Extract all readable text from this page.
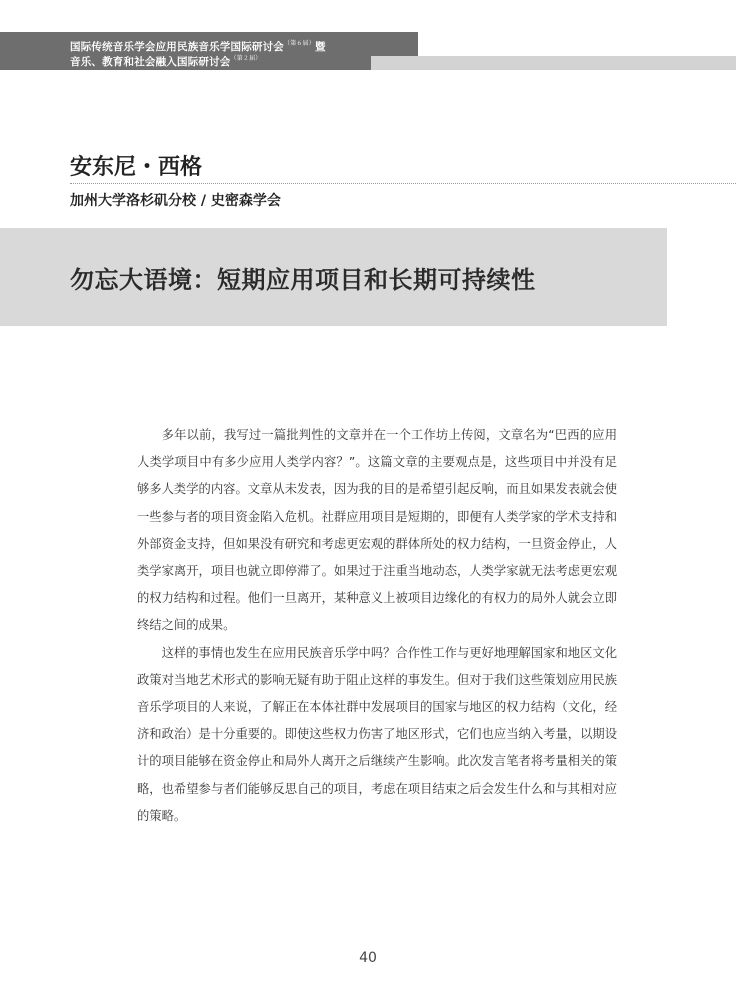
国际传统音乐学会应用民族音乐学国际研讨会$^{(第6届)}$暨
音乐、教育和社会融入国际研讨会$^{(第2届)}$
安东尼・西格
加州大学洛杉矶分校 / 史密森学会
勿忘大语境：短期应用项目和长期可持续性

多年以前，我写过一篇批判性的文章并在一个工作坊上传阅，文章名为“巴西的应用人类学项目中有多少应用人类学内容？”。这篇文章的主要观点是，这些项目中并没有足够多人类学的内容。文章从未发表，因为我的目的是希望引起反响，而且如果发表就会使一些参与者的项目资金陷入危机。社群应用项目是短期的，即便有人类学家的学术支持和外部资金支持，但如果没有研究和考虑更宏观的群体所处的权力结构，一旦资金停止，人类学家离开，项目也就立即停滞了。如果过于注重当地动态，人类学家就无法考虑更宏观的权力结构和过程。他们一旦离开，某种意义上被项目边缘化的有权力的局外人就会立即终结之间的成果。

这样的事情也发生在应用民族音乐学中吗？合作性工作与更好地理解国家和地区文化政策对当地艺术形式的影响无疑有助于阻止这样的事发生。但对于我们这些策划应用民族音乐学项目的人来说，了解正在本体社群中发展项目的国家与地区的权力结构（文化，经济和政治）是十分重要的。即使这些权力伤害了地区形式，它们也应当纳入考量，以期设计的项目能够在资金停止和局外人离开之后继续产生影响。此次发言笔者将考量相关的策略，也希望参与者们能够反思自己的项目，考虑在项目结束之后会发生什么和与其相对应的策略。

40
